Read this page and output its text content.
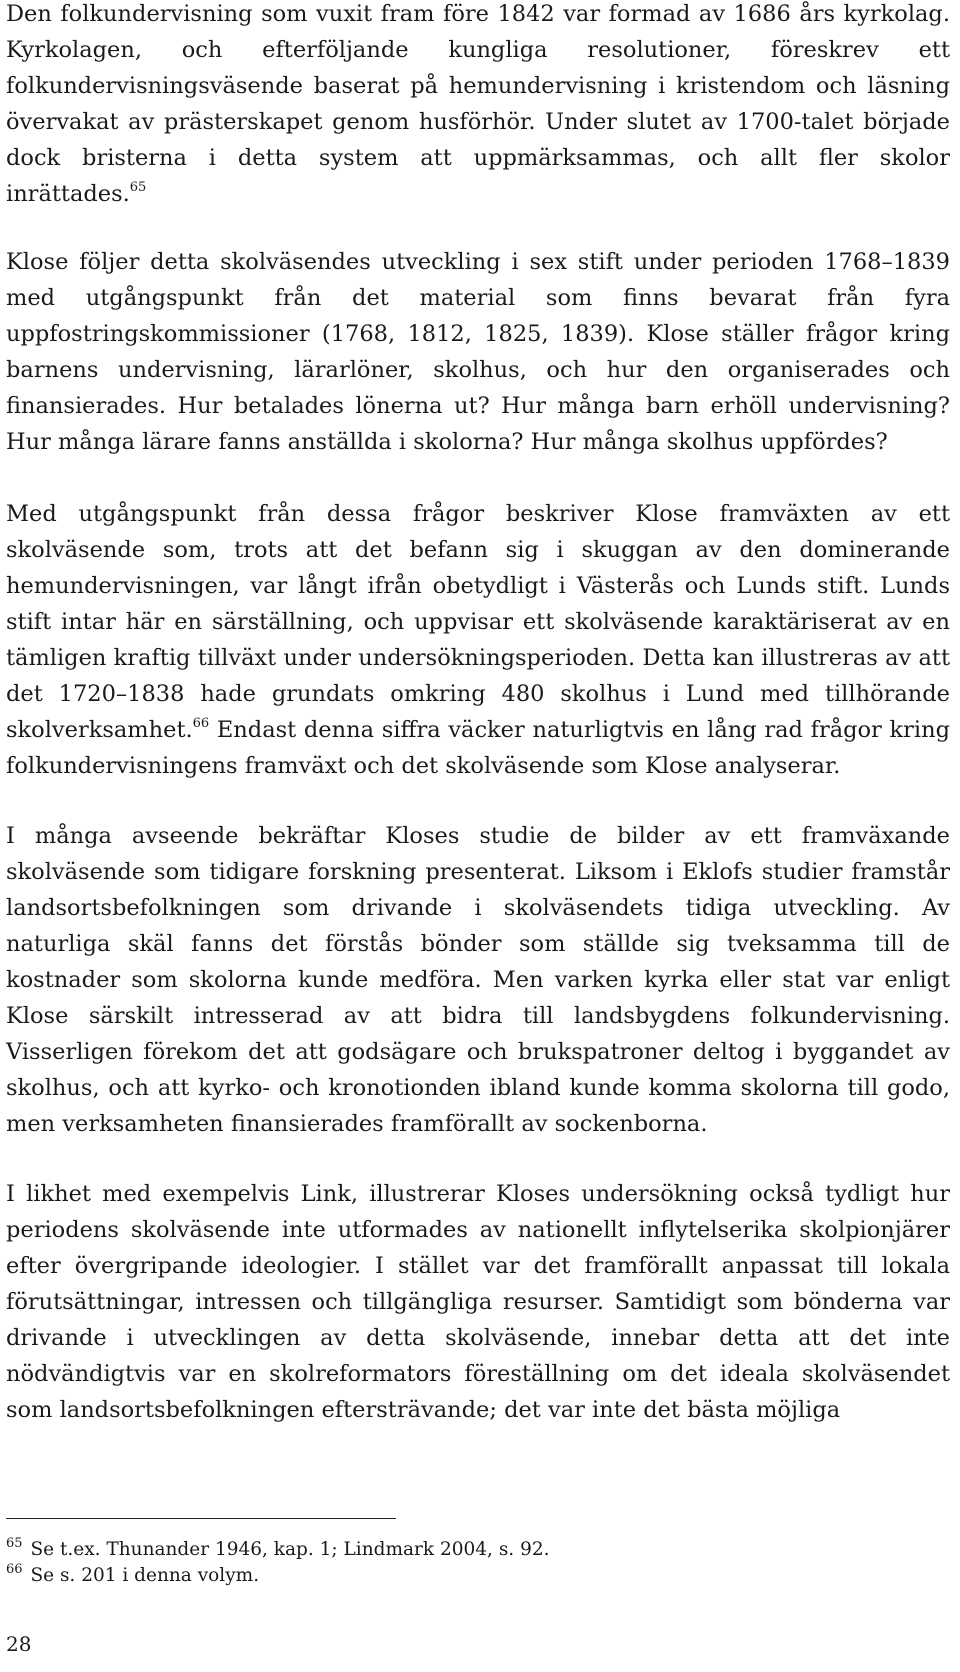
Den folkundervisning som vuxit fram före 1842 var formad av 1686 års kyrkolag. Kyrkolagen, och efterföljande kungliga resolutioner, föreskrev ett folkundervisningsväsende baserat på hemundervisning i kristendom och läsning övervakat av prästerskapet genom husförhör. Under slutet av 1700-talet började dock bristerna i detta system att uppmärksammas, och allt fler skolor inrättades.$^{65}$

Klose följer detta skolväsendes utveckling i sex stift under perioden 1768–1839 med utgångspunkt från det material som finns bevarat från fyra uppfostringskommissioner (1768, 1812, 1825, 1839). Klose ställer frågor kring barnens undervisning, lärarlöner, skolhus, och hur den organiserades och finansierades. Hur betalades lönerna ut? Hur många barn erhöll undervisning? Hur många lärare fanns anställda i skolorna? Hur många skolhus uppfördes?

Med utgångspunkt från dessa frågor beskriver Klose framväxten av ett skolväsende som, trots att det befann sig i skuggan av den dominerande hemundervisningen, var långt ifrån obetydligt i Västerås och Lunds stift. Lunds stift intar här en särställning, och uppvisar ett skolväsende karaktäriserat av en tämligen kraftig tillväxt under undersökningsperioden. Detta kan illustreras av att det 1720–1838 hade grundats omkring 480 skolhus i Lund med tillhörande skolverksamhet.$^{66}$ Endast denna siffra väcker naturligtvis en lång rad frågor kring folkundervisningens framväxt och det skolväsende som Klose analyserar.

I många avseende bekräftar Kloses studie de bilder av ett framväxande skolväsende som tidigare forskning presenterat. Liksom i Eklofs studier framstår landsortsbefolkningen som drivande i skolväsendets tidiga utveckling. Av naturliga skäl fanns det förstås bönder som ställde sig tveksamma till de kostnader som skolorna kunde medföra. Men varken kyrka eller stat var enligt Klose särskilt intresserad av att bidra till landsbygdens folkundervisning. Visserligen förekom det att godsägare och brukspatroner deltog i byggandet av skolhus, och att kyrko- och kronotionden ibland kunde komma skolorna till godo, men verksamheten finansierades framförallt av sockenborna.

I likhet med exempelvis Link, illustrerar Kloses undersökning också tydligt hur periodens skolväsende inte utformades av nationellt inflytelserika skolpionjärer efter övergripande ideologier. I stället var det framförallt anpassat till lokala förutsättningar, intressen och tillgängliga resurser. Samtidigt som bönderna var drivande i utvecklingen av detta skolväsende, innebar detta att det inte nödvändigtvis var en skolreformators föreställning om det ideala skolväsendet som landsortsbefolkningen eftersträvande; det var inte det bästa möjliga

$^{65}$ Se t.ex. Thunander 1946, kap. 1; Lindmark 2004, s. 92.

$^{66}$ Se s. 201 i denna volym.

28
